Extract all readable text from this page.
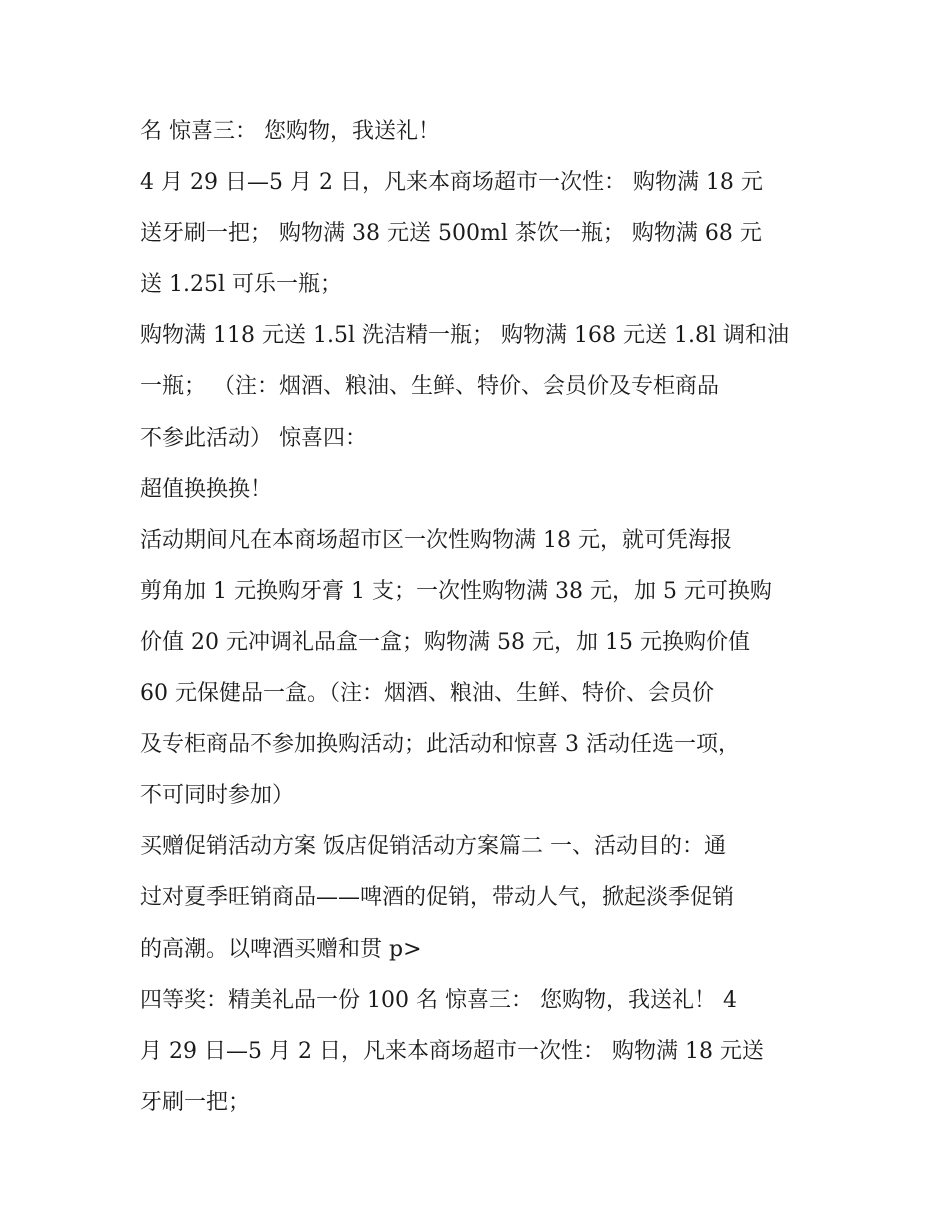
名 惊喜三： 您购物，我送礼！
4 月 29 日—5 月 2 日，凡来本商场超市一次性： 购物满 18 元
送牙刷一把； 购物满 38 元送 500ml 茶饮一瓶； 购物满 68 元
送 1.25l 可乐一瓶；
购物满 118 元送 1.5l 洗洁精一瓶； 购物满 168 元送 1.8l 调和油
一瓶； （注：烟酒、粮油、生鲜、特价、会员价及专柜商品
不参此活动） 惊喜四：
超值换换换！
活动期间凡在本商场超市区一次性购物满 18 元，就可凭海报
剪角加 1 元换购牙膏 1 支；一次性购物满 38 元，加 5 元可换购
价值 20 元冲调礼品盒一盒；购物满 58 元，加 15 元换购价值
60 元保健品一盒。（注：烟酒、粮油、生鲜、特价、会员价
及专柜商品不参加换购活动；此活动和惊喜 3 活动任选一项，
不可同时参加）
买赠促销活动方案 饭店促销活动方案篇二 一、活动目的：通
过对夏季旺销商品——啤酒的促销，带动人气，掀起淡季促销
的高潮。以啤酒买赠和贯 p>
四等奖：精美礼品一份 100 名 惊喜三： 您购物，我送礼！ 4
月 29 日—5 月 2 日，凡来本商场超市一次性： 购物满 18 元送
牙刷一把；
